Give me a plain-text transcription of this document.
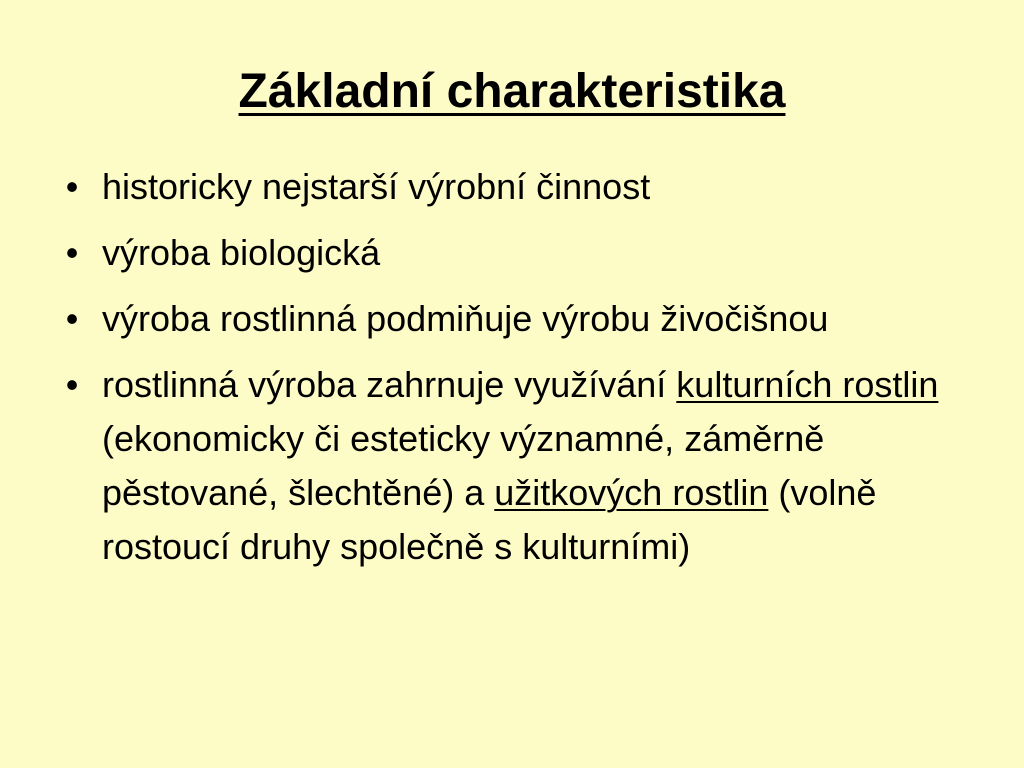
Základní charakteristika
• historicky nejstarší výrobní činnost
• výroba biologická
• výroba rostlinná podmiňuje výrobu živočišnou
• rostlinná výroba zahrnuje využívání kulturních rostlin (ekonomicky či esteticky významné, záměrně pěstované, šlechtěné) a užitkových rostlin (volně rostoucí druhy společně s kulturními)
